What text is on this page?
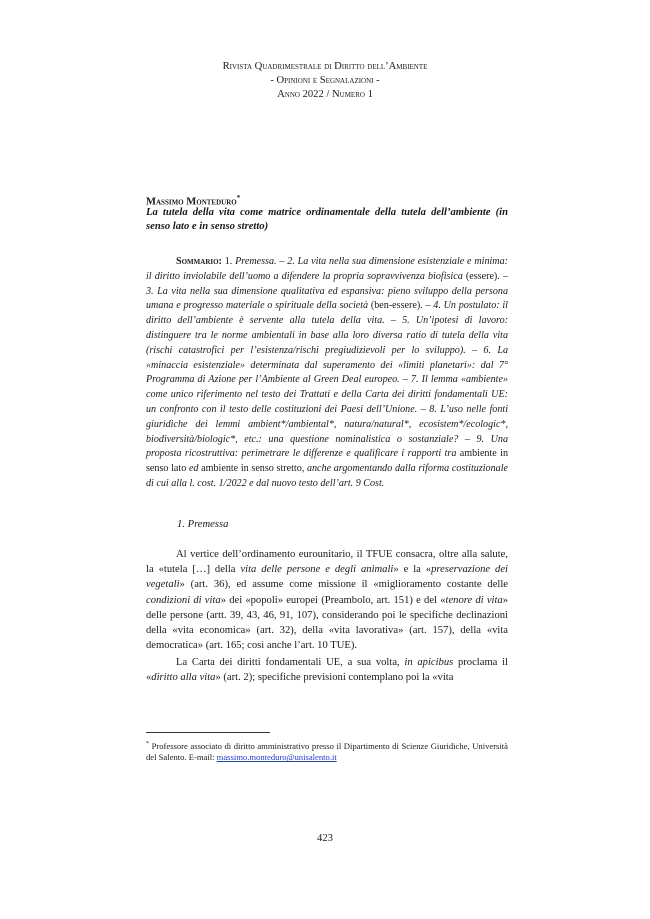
Rivista Quadrimestrale di Diritto dell’Ambiente
- Opinioni e Segnalazioni -
Anno 2022 / Numero 1
Massimo Monteduro*
La tutela della vita come matrice ordinamentale della tutela dell’ambiente (in senso lato e in senso stretto)
Sommario: 1. Premessa. – 2. La vita nella sua dimensione esistenziale e minima: il diritto inviolabile dell’uomo a difendere la propria sopravvivenza biofisica (essere). – 3. La vita nella sua dimensione qualitativa ed espansiva: pieno sviluppo della persona umana e progresso materiale o spirituale della società (ben-essere). – 4. Un postulato: il diritto dell’ambiente è servente alla tutela della vita. – 5. Un’ipotesi di lavoro: distinguere tra le norme ambientali in base alla loro diversa ratio di tutela della vita (rischi catastrofici per l’esistenza/rischi pregiudizievoli per lo sviluppo). – 6. La «minaccia esistenziale» determinata dal superamento dei «limiti planetari»: dal 7° Programma di Azione per l’Ambiente al Green Deal europeo. – 7. Il lemma «ambiente» come unico riferimento nel testo dei Trattati e della Carta dei diritti fondamentali UE: un confronto con il testo delle costituzioni dei Paesi dell’Unione. – 8. L’uso nelle fonti giuridiche dei lemmi ambient*/ambiental*, natura/natural*, ecosistem*/ecologic*, biodiversità/biologic*, etc.: una questione nominalistica o sostanziale? – 9. Una proposta ricostruttiva: perimetrare le differenze e qualificare i rapporti tra ambiente in senso lato ed ambiente in senso stretto, anche argomentando dalla riforma costituzionale di cui alla l. cost. 1/2022 e dal nuovo testo dell’art. 9 Cost.
1. Premessa
Al vertice dell’ordinamento eurounitario, il TFUE consacra, oltre alla salute, la «tutela […] della vita delle persone e degli animali» e la «preservazione dei vegetali» (art. 36), ed assume come missione il «miglioramento costante delle condizioni di vita» dei «popoli» europei (Preambolo, art. 151) e del «tenore di vita» delle persone (artt. 39, 43, 46, 91, 107), considerando poi le specifiche declinazioni della «vita economica» (art. 32), della «vita lavorativa» (art. 157), della «vita democratica» (art. 165; così anche l’art. 10 TUE).
La Carta dei diritti fondamentali UE, a sua volta, in apicibus proclama il «diritto alla vita» (art. 2); specifiche previsioni contemplano poi la «vita
* Professore associato di diritto amministrativo presso il Dipartimento di Scienze Giuridiche, Università del Salento. E-mail: massimo.monteduro@unisalento.it
423
